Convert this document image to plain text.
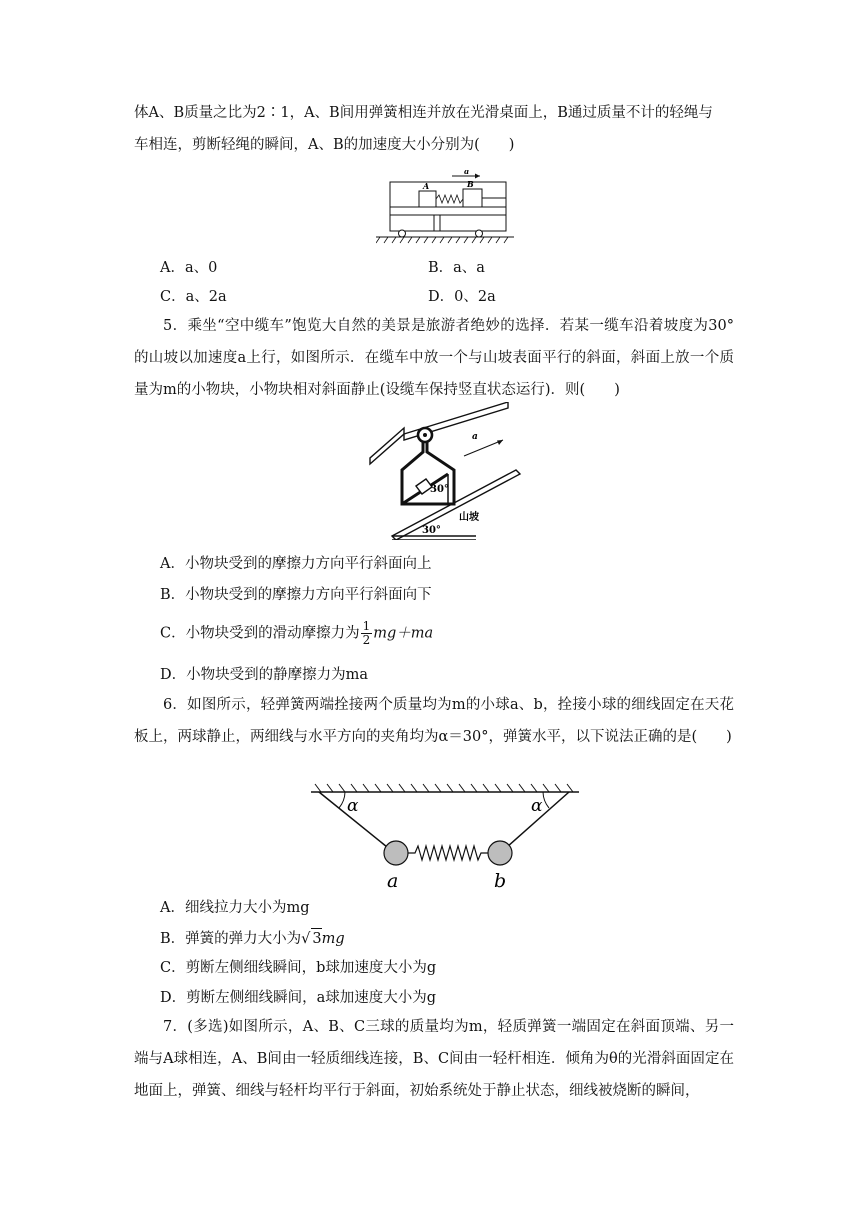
体A、B质量之比为2∶1，A、B间用弹簧相连并放在光滑桌面上，B通过质量不计的轻绳与
车相连，剪断轻绳的瞬间，A、B的加速度大小分别为(　　)
a
A	B
A．a、0	B．a、a
C．a、2a	D．0、2a
5．乘坐“空中缆车”饱览大自然的美景是旅游者绝妙的选择．若某一缆车沿着坡度为30°的山坡以加速度a上行，如图所示．在缆车中放一个与山坡表面平行的斜面，斜面上放一个质量为m的小物块，小物块相对斜面静止(设缆车保持竖直状态运行)．则(　　)
30°
a
30°
山坡
A．小物块受到的摩擦力方向平行斜面向上
B．小物块受到的摩擦力方向平行斜面向下
C．小物块受到的滑动摩擦力为 $\frac{1}{2} mg+ma$
D．小物块受到的静摩擦力为ma
6．如图所示，轻弹簧两端拴接两个质量均为m的小球a、b，拴接小球的细线固定在天花板上，两球静止，两细线与水平方向的夹角均为α＝30°，弹簧水平，以下说法正确的是(　　)
α	α
a	b
A．细线拉力大小为mg
B．弹簧的弹力大小为√ 3mg
C．剪断左侧细线瞬间，b球加速度大小为g
D．剪断左侧细线瞬间，a球加速度大小为g
7．(多选)如图所示，A、B、C三球的质量均为m，轻质弹簧一端固定在斜面顶端、另一端与A球相连，A、B间由一轻质细线连接，B、C间由一轻杆相连．倾角为θ的光滑斜面固定在地面上，弹簧、细线与轻杆均平行于斜面，初始系统处于静止状态，细线被烧断的瞬间，
